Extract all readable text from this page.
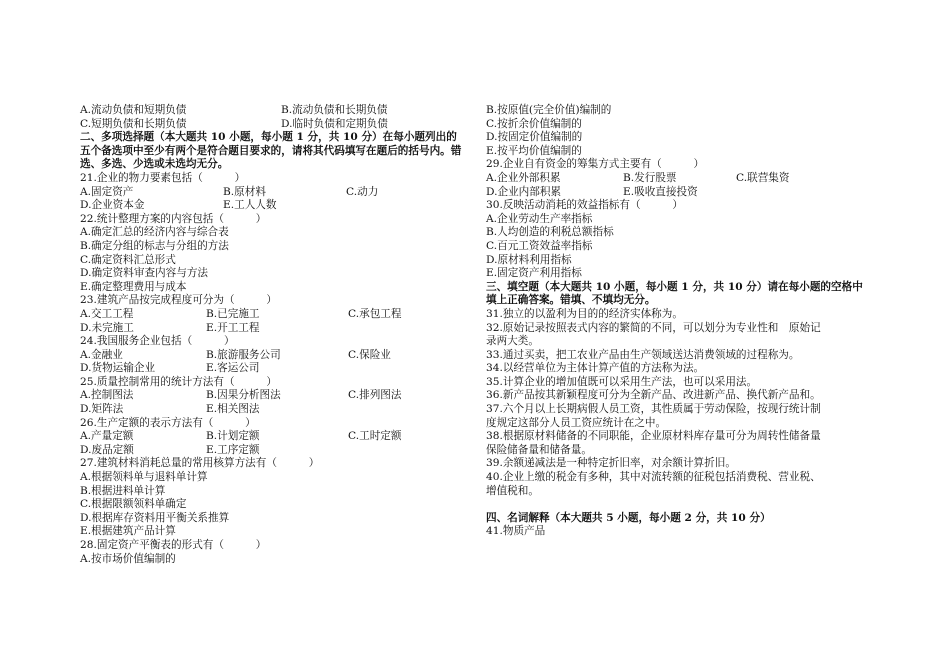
A.流动负债和短期负债	B.流动负债和长期负债
C.短期负债和长期负债	D.临时负债和定期负债
二、多项选择题（本大题共 10 小题，每小题 1 分，共 10 分）在每小题列出的五个备选项中至少有两个是符合题目要求的，请将其代码填写在题后的括号内。错选、多选、少选或未选均无分。
21.企业的物力要素包括（　　　）
A.固定资产	B.原材料	C.动力
D.企业资本金	E.工人人数
22.统计整理方案的内容包括（　　　）
A.确定汇总的经济内容与综合表
B.确定分组的标志与分组的方法
C.确定资料汇总形式
D.确定资料审查内容与方法
E.确定整理费用与成本
23.建筑产品按完成程度可分为（　　　）
A.交工工程	B.已完施工	C.承包工程
D.未完施工	E.开工工程
24.我国服务企业包括（　　　）
A.金融业	B.旅游服务公司	C.保险业
D.货物运输企业	E.客运公司
25.质量控制常用的统计方法有（　　　）
A.控制图法	B.因果分析图法	C.排列图法
D.矩阵法	E.相关图法
26.生产定额的表示方法有（　　　）
A.产量定额	B.计划定额	C.工时定额
D.废品定额	E.工序定额
27.建筑材料消耗总量的常用核算方法有（　　　）
A.根据领料单与退料单计算
B.根据进料单计算
C.根据限额领料单确定
D.根据库存资料用平衡关系推算
E.根据建筑产品计算
28.固定资产平衡表的形式有（　　　）
A.按市场价值编制的
B.按原值(完全价值)编制的
C.按折余价值编制的
D.按固定价值编制的
E.按平均价值编制的
29.企业自有资金的筹集方式主要有（　　　）
A.企业外部积累	B.发行股票	C.联营集资
D.企业内部积累	E.吸收直接投资
30.反映活动消耗的效益指标有（　　　）
A.企业劳动生产率指标
B.人均创造的利税总额指标
C.百元工资效益率指标
D.原材料利用指标
E.固定资产利用指标
三、填空题（本大题共 10 小题，每小题 1 分，共 10 分）请在每小题的空格中填上正确答案。错填、不填均无分。
31.独立的以盈利为目的的经济实体称为。
32.原始记录按照表式内容的繁简的不同，可以划分为专业性和　原始记
录两大类。
33.通过买卖，把工农业产品由生产领域送达消费领域的过程称为。
34.以经营单位为主体计算产值的方法称为法。
35.计算企业的增加值既可以采用生产法，也可以采用法。
36.新产品按其新颖程度可分为全新产品、改进新产品、换代新产品和。
37.六个月以上长期病假人员工资，其性质属于劳动保险，按现行统计制
度规定这部分人员工资应统计在之中。
38.根据原材料储备的不同职能，企业原材料库存量可分为周转性储备量
保险储备量和储备量。
39.余额递减法是一种特定折旧率，对余额计算折旧。
40.企业上缴的税金有多种，其中对流转额的征税包括消费税、营业税、
增值税和。
四、名词解释（本大题共 5 小题，每小题 2 分，共 10 分）
41.物质产品
